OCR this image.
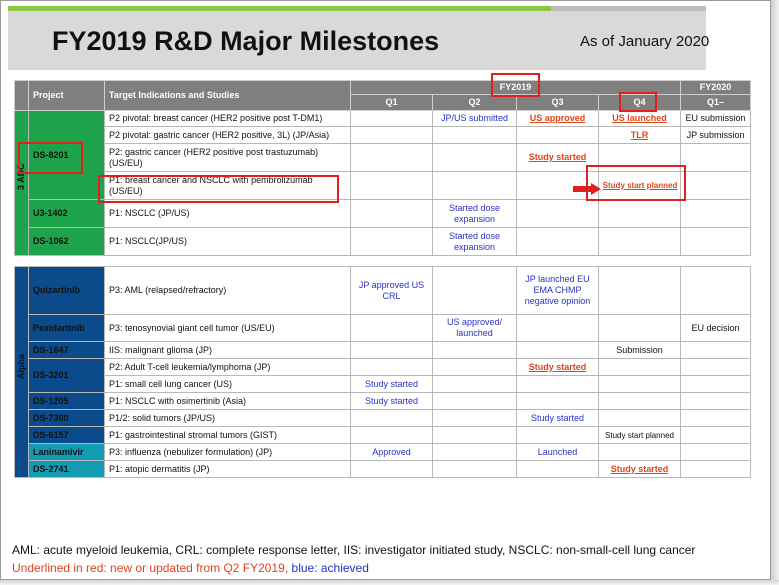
FY2019 R&D Major Milestones	As of January 2020
	Project	Target Indications and Studies	FY2019				FY2020
			Q1	Q2	Q3	Q4	Q1–

3 ADC	DS-8201	P2 pivotal: breast cancer (HER2 positive post T-DM1)		JP/US submitted	US approved	US launched	EU submission
		P2 pivotal: gastric cancer (HER2 positive, 3L) (JP/Asia)				TLR	JP submission
		P2: gastric cancer (HER2 positive post trastuzumab) (US/EU)			Study started		
		P1: breast cancer and NSCLC with pembrolizumab (US/EU)				Study start planned	
	U3-1402	P1: NSCLC (JP/US)		Started dose expansion			
	DS-1062	P1: NSCLC(JP/US)		Started dose expansion			
Alpha	Quizartinib	P3: AML (relapsed/refractory)	JP approved US CRL		JP launched EU EMA CHMP negative opinion		
	Pexidartinib	P3: tenosynovial giant cell tumor (US/EU)		US approved/ launched			EU decision
	DS-1647	IIS: malignant glioma (JP)				Submission	
	DS-3201	P2: Adult T-cell leukemia/lymphoma (JP)			Study started		
		P1: small cell lung cancer (US)	Study started				
	DS-1205	P1: NSCLC with osimertinib (Asia)	Study started				
	DS-7300	P1/2: solid tumors (JP/US)			Study started		
	DS-6157	P1: gastrointestinal stromal tumors (GIST)				Study start planned	
	Laninamivir	P3: influenza (nebulizer formulation) (JP)	Approved		Launched		
	DS-2741	P1: atopic dermatitis (JP)				Study started	
AML: acute myeloid leukemia, CRL: complete response letter, IIS: investigator initiated study, NSCLC: non-small-cell lung cancer
Underlined in red: new or updated from Q2 FY2019, blue: achieved
